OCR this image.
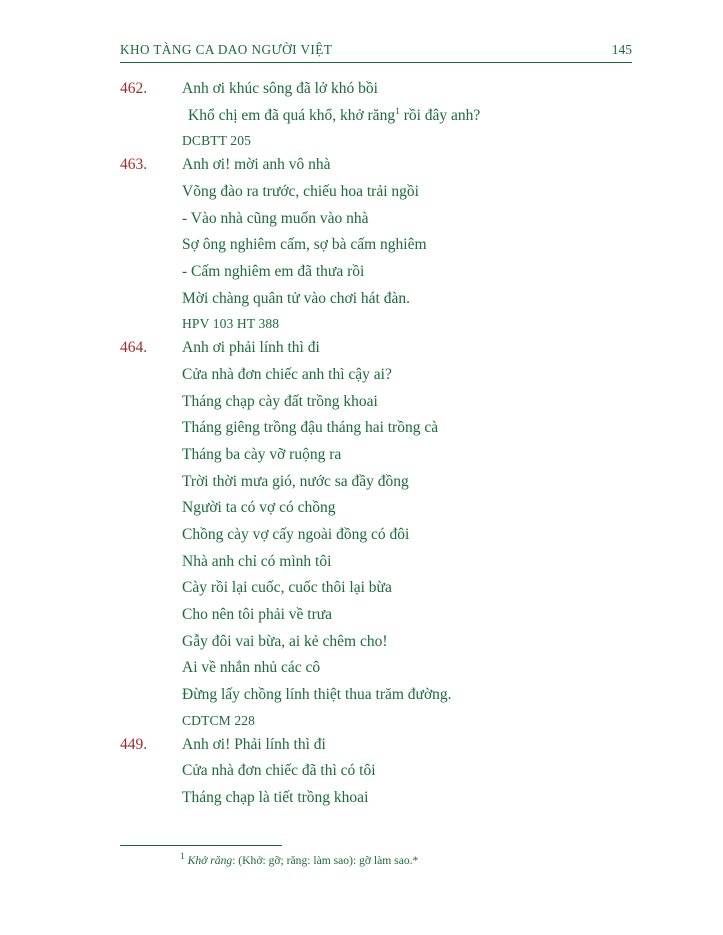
KHO TÀNG CA DAO NGƯỜI VIỆT	145
462.	Anh ơi khúc sông đã lở khó bồi
Khổ chị em đã quá khổ, khở răng$^1$ rồi đây anh?
DCBTT 205
463.	Anh ơi! mời anh vô nhà
Võng đào ra trước, chiếu hoa trải ngồi
- Vào nhà cũng muốn vào nhà
Sợ ông nghiêm cấm, sợ bà cấm nghiêm
- Cấm nghiêm em đã thưa rồi
Mời chàng quân tử vào chơi hát đàn.
HPV 103 HT 388
464.	Anh ơi phải lính thì đi
Cửa nhà đơn chiếc anh thì cậy ai?
Tháng chạp cày đất trồng khoai
Tháng giêng trồng đậu tháng hai trồng cà
Tháng ba cày vỡ ruộng ra
Trời thời mưa gió, nước sa đầy đồng
Người ta có vợ có chồng
Chồng cày vợ cấy ngoài đồng có đôi
Nhà anh chỉ có mình tôi
Cày rồi lại cuốc, cuốc thôi lại bừa
Cho nên tôi phải về trưa
Gẫy đôi vai bừa, ai kẻ chêm cho!
Ai về nhắn nhủ các cô
Đừng lấy chồng lính thiệt thua trăm đường.
CDTCM 228
449.	Anh ơi! Phải lính thì đi
Cửa nhà đơn chiếc đã thì có tôi
Tháng chạp là tiết trồng khoai
$^1$ Khở răng: (Khở: gỡ; răng: làm sao): gỡ làm sao.*
